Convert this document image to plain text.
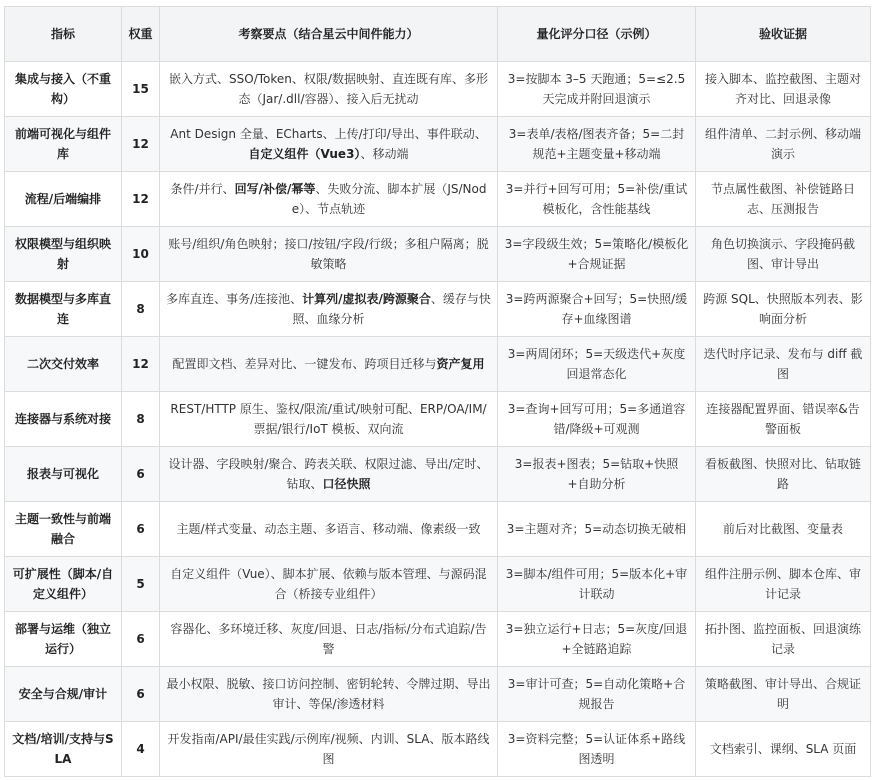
指标	权重	考察要点（结合星云中间件能力）	量化评分口径（示例）	验收证据
集成与接入（不重构）	15	嵌入方式、SSO/Token、权限/数据映射、直连既有库、多形态（Jar/.dll/容器）、接入后无扰动	3=按脚本 3–5 天跑通；5=≤2.5 天完成并附回退演示	接入脚本、监控截图、主题对齐对比、回退录像
前端可视化与组件库	12	Ant Design 全量、ECharts、上传/打印/导出、事件联动、自定义组件（Vue3）、移动端	3=表单/表格/图表齐备；5=二封规范+主题变量+移动端	组件清单、二封示例、移动端演示
流程/后端编排	12	条件/并行、回写/补偿/幂等、失败分流、脚本扩展（JS/Node）、节点轨迹	3=并行+回写可用；5=补偿/重试模板化，含性能基线	节点属性截图、补偿链路日志、压测报告
权限模型与组织映射	10	账号/组织/角色映射；接口/按钮/字段/行级；多租户隔离；脱敏策略	3=字段级生效；5=策略化/模板化+合规证据	角色切换演示、字段掩码截图、审计导出
数据模型与多库直连	8	多库直连、事务/连接池、计算列/虚拟表/跨源聚合、缓存与快照、血缘分析	3=跨两源聚合+回写；5=快照/缓存+血缘图谱	跨源 SQL、快照版本列表、影响面分析
二次交付效率	12	配置即文档、差异对比、一键发布、跨项目迁移与资产复用	3=两周闭环；5=天级迭代+灰度回退常态化	迭代时序记录、发布与 diff 截图
连接器与系统对接	8	REST/HTTP 原生、鉴权/限流/重试/映射可配、ERP/OA/IM/票据/银行/IoT 模板、双向流	3=查询+回写可用；5=多通道容错/降级+可观测	连接器配置界面、错误率&告警面板
报表与可视化	6	设计器、字段映射/聚合、跨表关联、权限过滤、导出/定时、钻取、口径快照	3=报表+图表；5=钻取+快照+自助分析	看板截图、快照对比、钻取链路
主题一致性与前端融合	6	主题/样式变量、动态主题、多语言、移动端、像素级一致	3=主题对齐；5=动态切换无破相	前后对比截图、变量表
可扩展性（脚本/自定义组件）	5	自定义组件（Vue）、脚本扩展、依赖与版本管理、与源码混合（桥接专业组件）	3=脚本/组件可用；5=版本化+审计联动	组件注册示例、脚本仓库、审计记录
部署与运维（独立运行）	6	容器化、多环境迁移、灰度/回退、日志/指标/分布式追踪/告警	3=独立运行+日志；5=灰度/回退+全链路追踪	拓扑图、监控面板、回退演练记录
安全与合规/审计	6	最小权限、脱敏、接口访问控制、密钥轮转、令牌过期、导出审计、等保/渗透材料	3=审计可查；5=自动化策略+合规报告	策略截图、审计导出、合规证明
文档/培训/支持与SLA	4	开发指南/API/最佳实践/示例库/视频、内训、SLA、版本路线图	3=资料完整；5=认证体系+路线图透明	文档索引、课纲、SLA 页面
